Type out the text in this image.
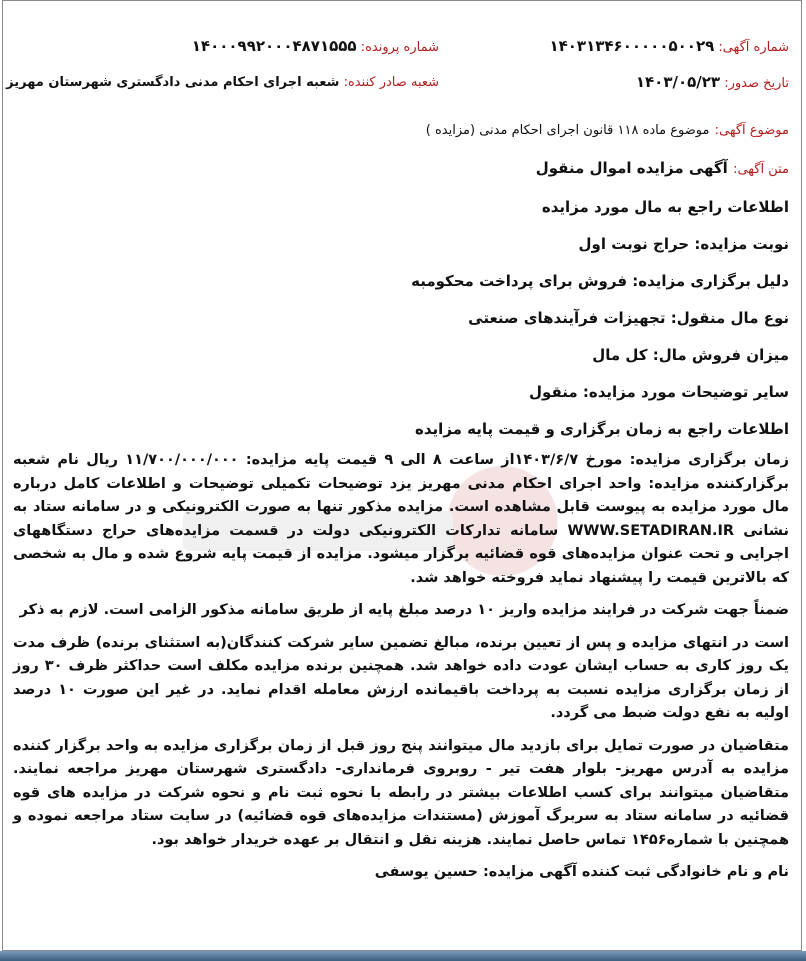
شماره آگهی: ۱۴۰۳۱۳۴۶۰۰۰۰۰۵۰۰۲۹
شماره پرونده: ۱۴۰۰۰۹۹۲۰۰۰۴۸۷۱۵۵۵
تاریخ صدور: ۱۴۰۳/۰۵/۲۳
شعبه صادر کننده: شعبه اجرای احکام مدنی دادگستری شهرستان مهریز
موضوع آگهی: موضوع ماده ۱۱۸ قانون اجرای احکام مدنی (مزایده )
متن آگهی: آگهی مزایده اموال منقول
اطلاعات راجع به مال مورد مزایده
نوبت مزایده: حراج نوبت اول
دلیل برگزاری مزایده: فروش برای پرداخت محکومبه
نوع مال منقول: تجهیزات فرآیندهای صنعتی
میزان فروش مال: کل مال
سایر توضیحات مورد مزایده: منقول
اطلاعات راجع به زمان برگزاری و قیمت پایه مزایده
زمان برگزاری مزایده: مورخ ۱۴۰۳/۶/۷از ساعت ۸ الی ۹ قیمت پایه مزایده: ۱۱/۷۰۰/۰۰۰/۰۰۰ ریال نام شعبه برگزارکننده مزایده: واحد اجرای احکام مدنی مهریز یزد توضیحات تکمیلی توضیحات و اطلاعات کامل درباره مال مورد مزایده به پیوست قابل مشاهده است. مزایده مذکور تنها به صورت الکترونیکی و در سامانه ستاد به نشانی WWW.SETADIRAN.IR سامانه تدارکات الکترونیکی دولت در قسمت مزایده‌های حراج دستگاههای اجرایی و تحت عنوان مزایده‌های قوه قضائیه برگزار میشود. مزایده از قیمت پایه شروع شده و مال به شخصی که بالاترین قیمت را پیشنهاد نماید فروخته خواهد شد.
ضمناً جهت شرکت در فرایند مزایده واریز ۱۰ درصد مبلغ پایه از طریق سامانه مذکور الزامی است. لازم به ذکر
است در انتهای مزایده و پس از تعیین برنده، مبالغ تضمین سایر شرکت کنندگان(به استثنای برنده) ظرف مدت یک روز کاری به حساب ایشان عودت داده خواهد شد. همچنین برنده مزایده مکلف است حداکثر ظرف ۳۰ روز از زمان برگزاری مزایده نسبت به پرداخت باقیمانده ارزش معامله اقدام نماید. در غیر این صورت ۱۰ درصد اولیه به نفع دولت ضبط می گردد.
متقاضیان در صورت تمایل برای بازدید مال میتوانند پنج روز قبل از زمان برگزاری مزایده به واحد برگزار کننده مزایده به آدرس مهریز- بلوار هفت تیر - روبروی فرمانداری- دادگستری شهرستان مهریز مراجعه نمایند. متقاضیان میتوانند برای کسب اطلاعات بیشتر در رابطه با نحوه ثبت نام و نحوه شرکت در مزایده های قوه قضائیه در سامانه ستاد به سربرگ آموزش (مستندات مزایده‌های قوه قضائیه) در سایت ستاد مراجعه نموده و همچنین با شماره۱۴۵۶ تماس حاصل نمایند. هزینه نقل و انتقال بر عهده خریدار خواهد بود.
نام و نام خانوادگی ثبت کننده آگهی مزایده: حسین یوسفی
